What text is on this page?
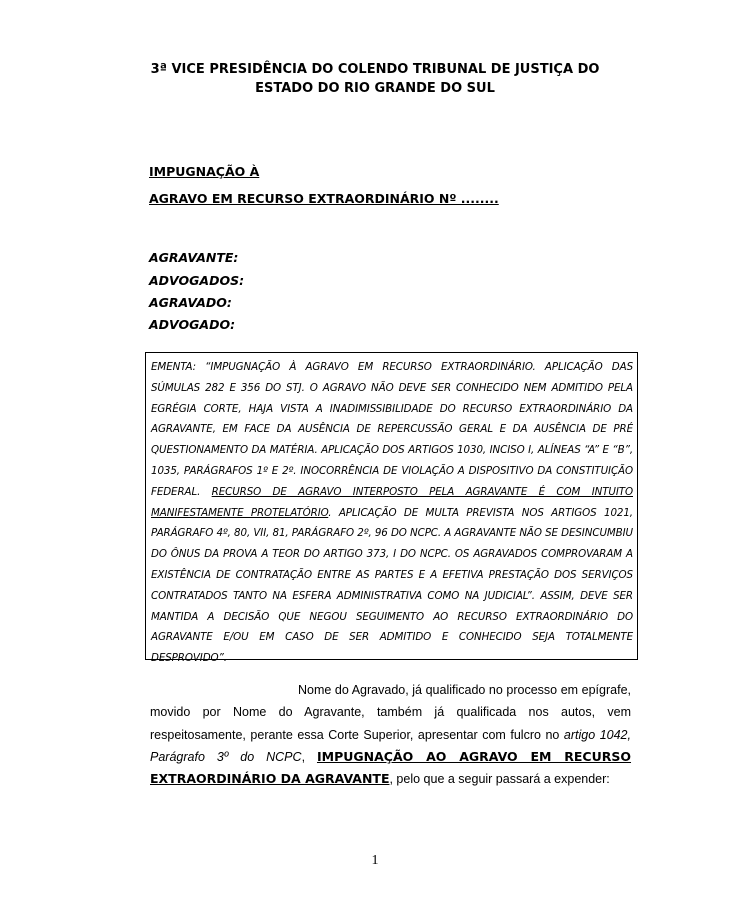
3ª VICE PRESIDÊNCIA DO COLENDO TRIBUNAL DE JUSTIÇA DO
ESTADO DO RIO GRANDE DO SUL
IMPUGNAÇÃO À
AGRAVO EM RECURSO EXTRAORDINÁRIO Nº ........
AGRAVANTE:
ADVOGADOS:
AGRAVADO:
ADVOGADO:
EMENTA: “IMPUGNAÇÃO À AGRAVO EM RECURSO EXTRAORDINÁRIO. APLICAÇÃO DAS SÚMULAS 282 E 356 DO STJ. O AGRAVO NÃO DEVE SER CONHECIDO NEM ADMITIDO PELA EGRÉGIA CORTE, HAJA VISTA A INADIMISSIBILIDADE DO RECURSO EXTRAORDINÁRIO DA AGRAVANTE, EM FACE DA AUSÊNCIA DE REPERCUSSÃO GERAL E DA AUSÊNCIA DE PRÉ QUESTIONAMENTO DA MATÉRIA. APLICAÇÃO DOS ARTIGOS 1030, INCISO I, ALÍNEAS “A” E “B”, 1035, PARÁGRAFOS 1º E 2º. INOCORRÊNCIA DE VIOLAÇÃO A DISPOSITIVO DA CONSTITUIÇÃO FEDERAL. RECURSO DE AGRAVO INTERPOSTO PELA AGRAVANTE É COM INTUITO MANIFESTAMENTE PROTELATÓRIO. APLICAÇÃO DE MULTA PREVISTA NOS ARTIGOS 1021, PARÁGRAFO 4º, 80, VII, 81, PARÁGRAFO 2º, 96 DO NCPC. A AGRAVANTE NÃO SE DESINCUMBIU DO ÔNUS DA PROVA A TEOR DO ARTIGO 373, I DO NCPC. OS AGRAVADOS COMPROVARAM A EXISTÊNCIA DE CONTRATAÇÃO ENTRE AS PARTES E A EFETIVA PRESTAÇÃO DOS SERVIÇOS CONTRATADOS TANTO NA ESFERA ADMINISTRATIVA COMO NA JUDICIAL”. ASSIM, DEVE SER MANTIDA A DECISÃO QUE NEGOU SEGUIMENTO AO RECURSO EXTRAORDINÁRIO DO AGRAVANTE E/OU EM CASO DE SER ADMITIDO E CONHECIDO SEJA TOTALMENTE DESPROVIDO”.
Nome do Agravado, já qualificado no processo em epígrafe, movido por Nome do Agravante, também já qualificada nos autos, vem respeitosamente, perante essa Corte Superior, apresentar com fulcro no artigo 1042, Parágrafo 3º do NCPC, IMPUGNAÇÃO AO AGRAVO EM RECURSO EXTRAORDINÁRIO DA AGRAVANTE, pelo que a seguir passará a expender:
1
